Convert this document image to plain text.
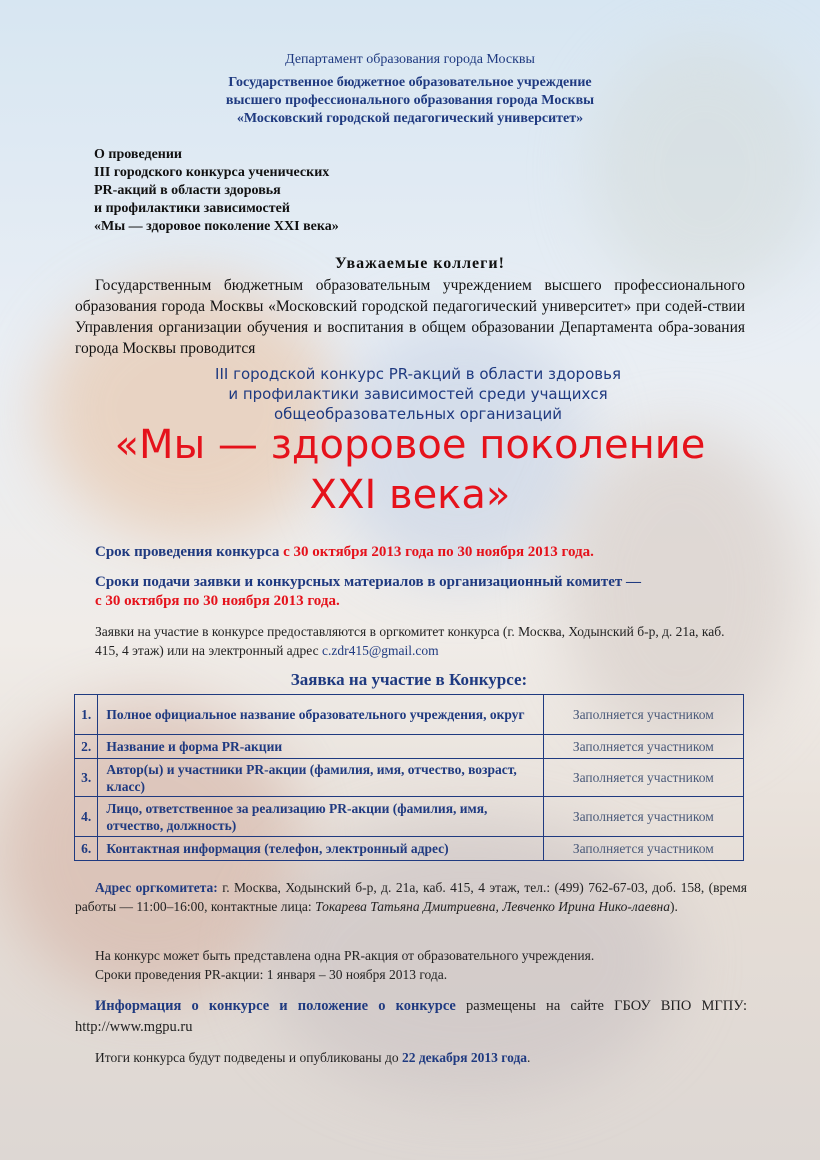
Департамент образования города Москвы
Государственное бюджетное образовательное учреждение
высшего профессионального образования города Москвы
«Московский городской педагогический университет»
О проведении
III городского конкурса ученических
PR-акций в области здоровья
и профилактики зависимостей
«Мы — здоровое поколение XXI века»
Уважаемые коллеги!
Государственным бюджетным образовательным учреждением высшего профессионального образования города Москвы «Московский городской педагогический университет» при содей-ствии Управления организации обучения и воспитания в общем образовании Департамента обра-зования города Москвы проводится
III городской конкурс PR-акций в области здоровья
и профилактики зависимостей среди учащихся
общеобразовательных организаций
«Мы — здоровое поколение
XXI века»
Срок проведения конкурса с 30 октября 2013 года по 30 ноября 2013 года.
Сроки подачи заявки и конкурсных материалов в организационный комитет —
с 30 октября по 30 ноября 2013 года.
Заявки на участие в конкурсе предоставляются в оргкомитет конкурса (г. Москва, Ходынский б-р, д. 21а, каб. 415, 4 этаж) или на электронный адрес c.zdr415@gmail.com
Заявка на участие в Конкурсе:
1.	Полное официальное название образовательного учреждения, округ	Заполняется участником
2.	Название и форма PR-акции	Заполняется участником
3.	Автор(ы) и участники PR-акции (фамилия, имя, отчество, возраст, класс)	Заполняется участником
4.	Лицо, ответственное за реализацию PR-акции (фамилия, имя, отчество, должность)	Заполняется участником
6.	Контактная информация (телефон, электронный адрес)	Заполняется участником
Адрес оргкомитета: г. Москва, Ходынский б-р, д. 21а, каб. 415, 4 этаж, тел.: (499) 762-67-03, доб. 158, (время работы — 11:00–16:00, контактные лица: Токарева Татьяна Дмитриевна, Левченко Ирина Нико-лаевна).
На конкурс может быть представлена одна PR-акция от образовательного учреждения.
Сроки проведения PR-акции: 1 января – 30 ноября 2013 года.
Информация о конкурсе и положение о конкурсе размещены на сайте ГБОУ ВПО МГПУ: http://www.mgpu.ru
Итоги конкурса будут подведены и опубликованы до 22 декабря 2013 года.
